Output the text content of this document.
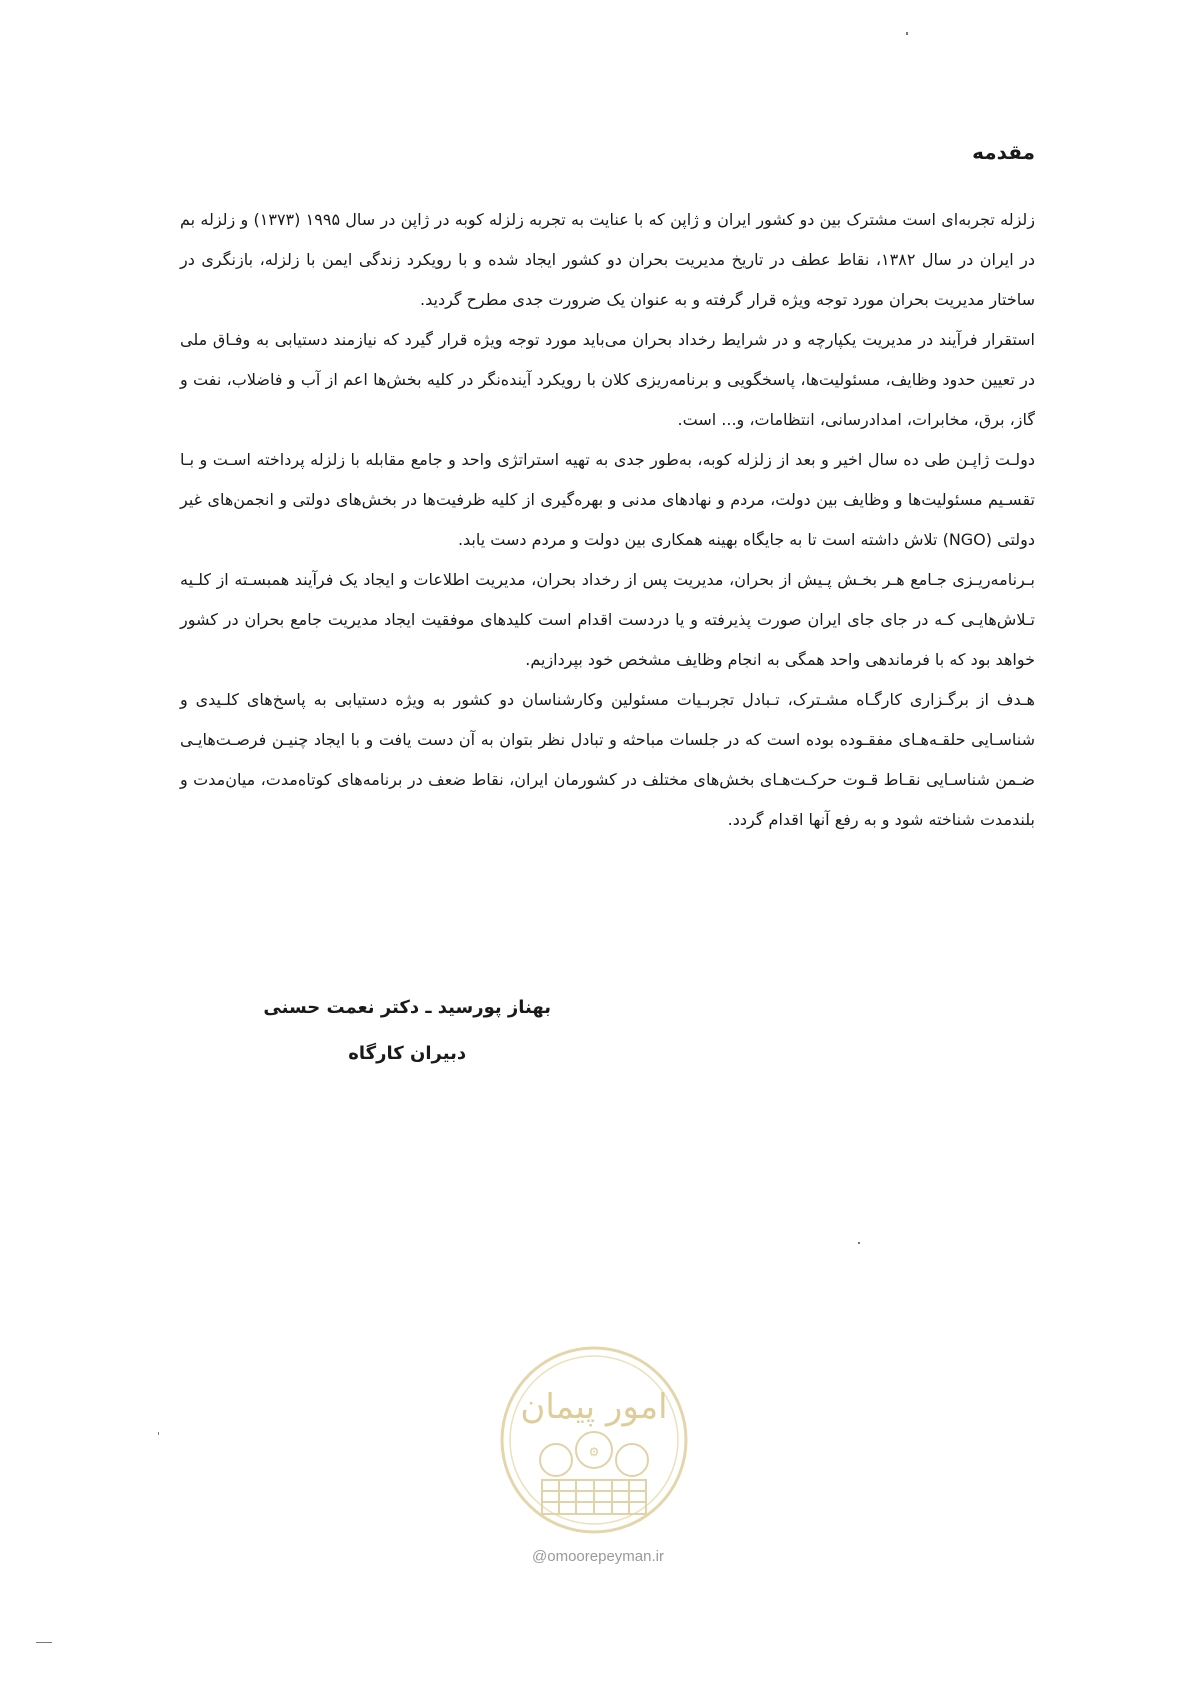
مقدمه

زلزله تجربه‌ای است مشترک بین دو کشور ایران و ژاپن که با عنایت به تجربه زلزله کوبه در ژاپن در سال ۱۹۹۵ (۱۳۷۳) و زلزله بم در ایران در سال ۱۳۸۲، نقاط عطف در تاریخ مدیریت بحران دو کشور ایجاد شده و با رویکرد زندگی ایمن با زلزله، بازنگری در ساختار مدیریت بحران مورد توجه ویژه قرار گرفته و به عنوان یک ضرورت جدی مطرح گردید.

استقرار فرآیند در مدیریت یکپارچه و در شرایط رخداد بحران می‌باید مورد توجه ویژه قرار گیرد که نیازمند دستیابی به وفـاق ملی در تعیین حدود وظایف، مسئولیت‌ها، پاسخگویی و برنامه‌ریزی کلان با رویکرد آینده‌نگر در کلیه بخش‌ها اعم از آب و فاضلاب، نفت و گاز، برق، مخابرات، امدادرسانی، انتظامات، و... است.

دولـت ژاپـن طی ده سال اخیر و بعد از زلزله کوبه، به‌طور جدی به تهیه استراتژی واحد و جامع مقابله با زلزله پرداخته اسـت و بـا تقسـیم مسئولیت‌ها و وظایف بین دولت، مردم و نهادهای مدنی و بهره‌گیری از کلیه ظرفیت‌ها در بخش‌های دولتی و انجمن‌های غیر دولتی (NGO) تلاش داشته است تا به جایگاه بهینه همکاری بین دولت و مردم دست یابد.

بـرنامه‌ریـزی جـامع هـر بخـش پـیش از بحران، مدیریت پس از رخداد بحران، مدیریت اطلاعات و ایجاد یک فرآیند همبسـته از کلـیه تـلاش‌هایـی کـه در جای جای ایران صورت پذیرفته و یا دردست اقدام است کلیدهای موفقیت ایجاد مدیریت جامع بحران در کشور خواهد بود که با فرماندهی واحد همگی به انجام وظایف مشخص خود بپردازیم.

هـدف از برگـزاری کارگـاه مشـترک، تـبادل تجربـیات مسئولین وکارشناسان دو کشور به ویژه دستیابی به پاسخ‌های کلـیدی و شناسـایی حلقـه‌هـای مفقـوده بوده است که در جلسات مباحثه و تبادل نظر بتوان به آن دست یافت و با ایجاد چنیـن فرصـت‌هایـی ضـمن شناسـایی نقـاط قـوت حرکـت‌هـای بخش‌های مختلف در کشورمان ایران، نقاط ضعف در برنامه‌های کوتاه‌مدت، میان‌مدت و بلندمدت شناخته شود و به رفع آنها اقدام گردد.

بهناز پورسید ـ دکتر نعمت حسنی
دبیران کارگاه
امور پیمان
⚙
@omoorepeyman.ir
